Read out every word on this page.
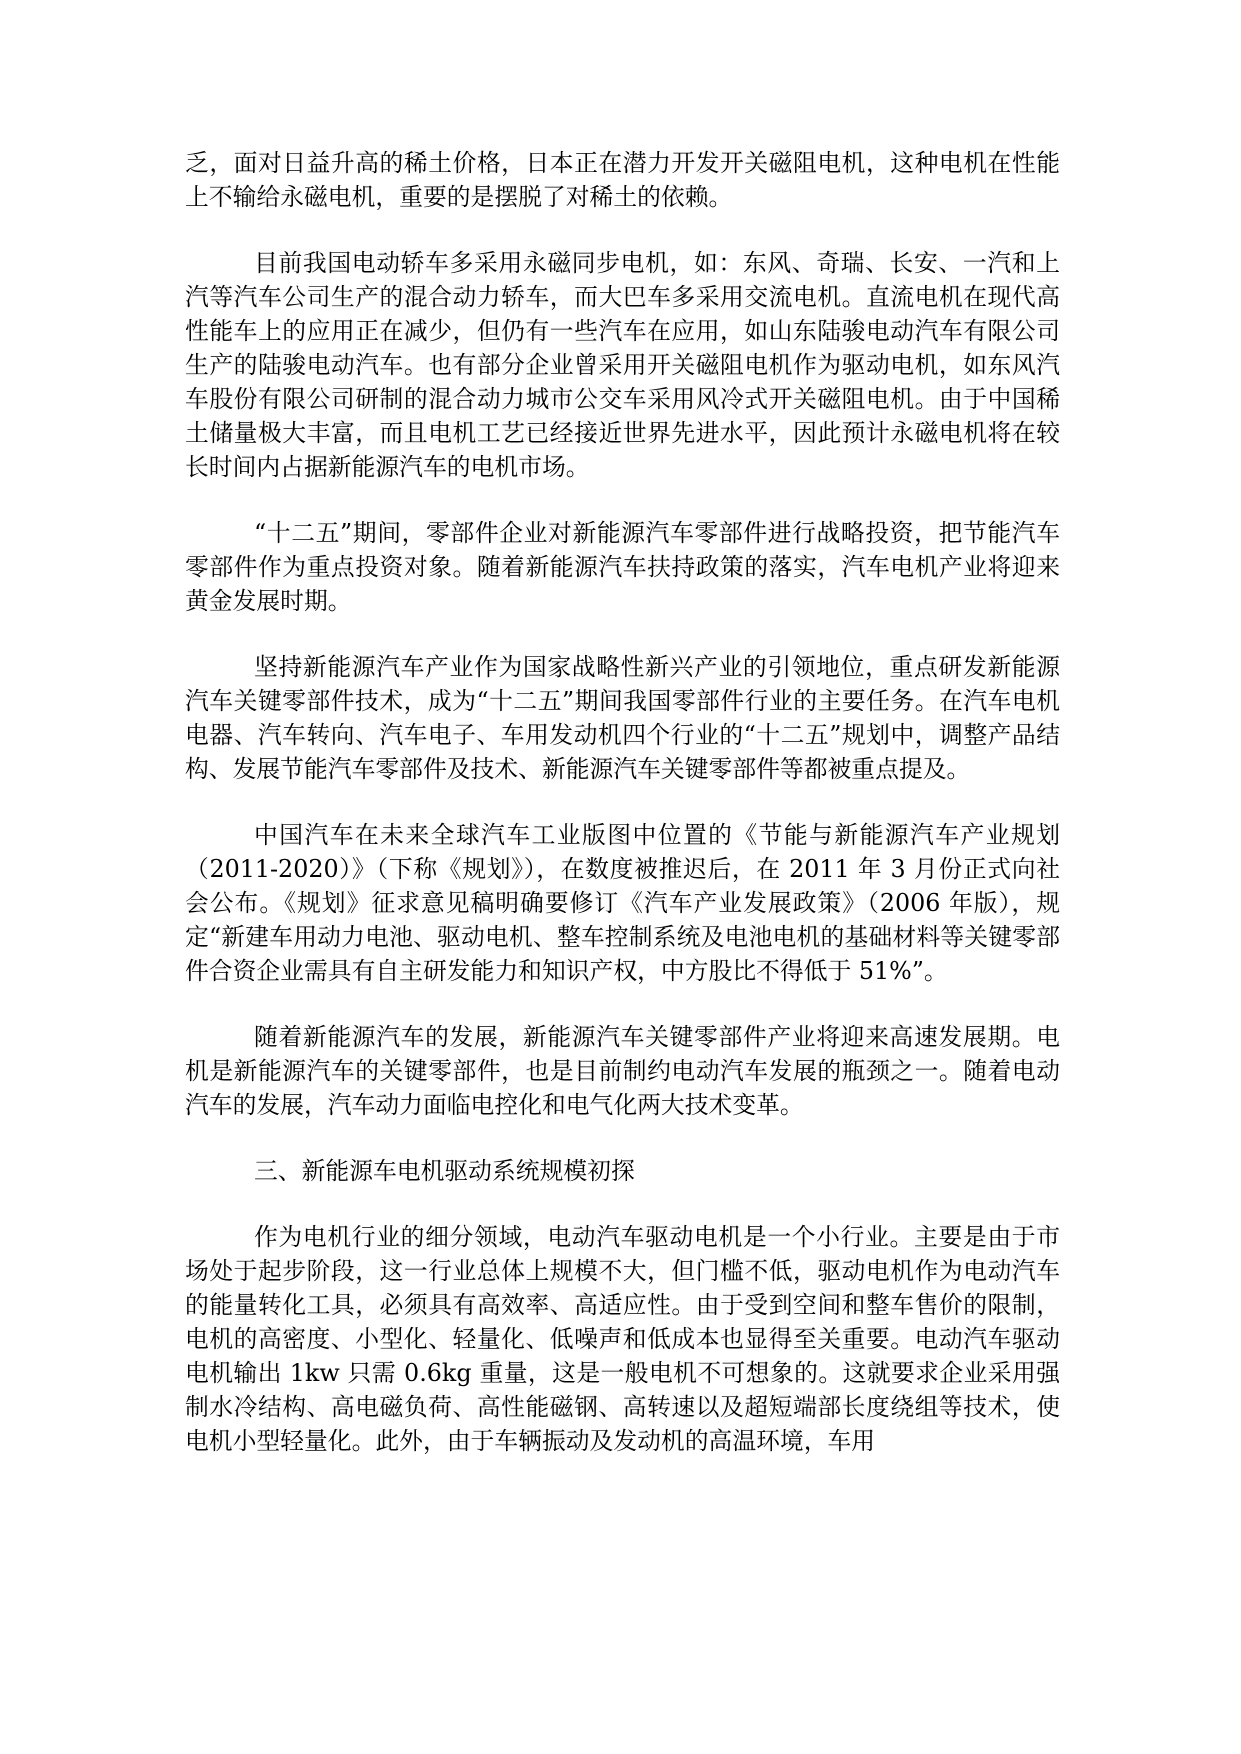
乏，面对日益升高的稀土价格，日本正在潜力开发开关磁阻电机，这种电机在性能上不输给永磁电机，重要的是摆脱了对稀土的依赖。

目前我国电动轿车多采用永磁同步电机，如：东风、奇瑞、长安、一汽和上汽等汽车公司生产的混合动力轿车，而大巴车多采用交流电机。直流电机在现代高性能车上的应用正在减少，但仍有一些汽车在应用，如山东陆骏电动汽车有限公司生产的陆骏电动汽车。也有部分企业曾采用开关磁阻电机作为驱动电机，如东风汽车股份有限公司研制的混合动力城市公交车采用风冷式开关磁阻电机。由于中国稀土储量极大丰富，而且电机工艺已经接近世界先进水平，因此预计永磁电机将在较长时间内占据新能源汽车的电机市场。

“十二五”期间，零部件企业对新能源汽车零部件进行战略投资，把节能汽车零部件作为重点投资对象。随着新能源汽车扶持政策的落实，汽车电机产业将迎来黄金发展时期。

坚持新能源汽车产业作为国家战略性新兴产业的引领地位，重点研发新能源汽车关键零部件技术，成为“十二五”期间我国零部件行业的主要任务。在汽车电机电器、汽车转向、汽车电子、车用发动机四个行业的“十二五”规划中，调整产品结构、发展节能汽车零部件及技术、新能源汽车关键零部件等都被重点提及。

中国汽车在未来全球汽车工业版图中位置的《节能与新能源汽车产业规划（2011-2020）》（下称《规划》），在数度被推迟后，在 2011 年 3 月份正式向社会公布。《规划》征求意见稿明确要修订《汽车产业发展政策》（2006 年版），规定“新建车用动力电池、驱动电机、整车控制系统及电池电机的基础材料等关键零部件合资企业需具有自主研发能力和知识产权，中方股比不得低于 51%”。

随着新能源汽车的发展，新能源汽车关键零部件产业将迎来高速发展期。电机是新能源汽车的关键零部件，也是目前制约电动汽车发展的瓶颈之一。随着电动汽车的发展，汽车动力面临电控化和电气化两大技术变革。

三、新能源车电机驱动系统规模初探

作为电机行业的细分领域，电动汽车驱动电机是一个小行业。主要是由于市场处于起步阶段，这一行业总体上规模不大，但门槛不低，驱动电机作为电动汽车的能量转化工具，必须具有高效率、高适应性。由于受到空间和整车售价的限制，电机的高密度、小型化、轻量化、低噪声和低成本也显得至关重要。电动汽车驱动电机输出 1kw 只需 0.6kg 重量，这是一般电机不可想象的。这就要求企业采用强制水冷结构、高电磁负荷、高性能磁钢、高转速以及超短端部长度绕组等技术，使电机小型轻量化。此外，由于车辆振动及发动机的高温环境，车用
